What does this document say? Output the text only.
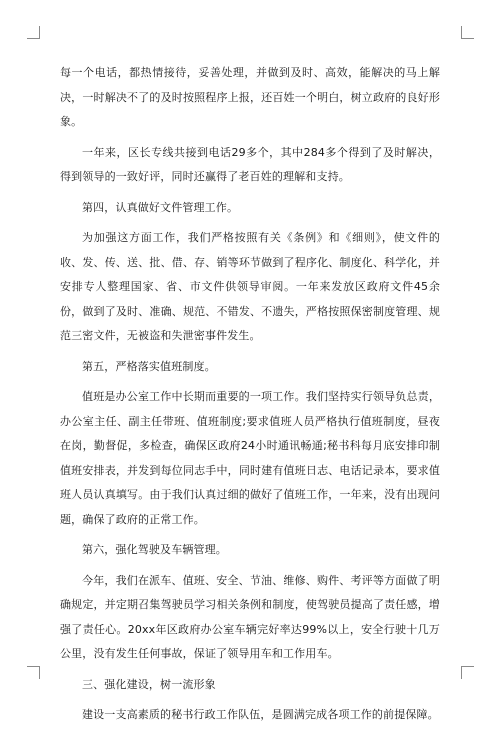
每一个电话，都热情接待，妥善处理，并做到及时、高效，能解决的马上解决，一时解决不了的及时按照程序上报，还百姓一个明白，树立政府的良好形象。

一年来，区长专线共接到电话29多个，其中284多个得到了及时解决，得到领导的一致好评，同时还赢得了老百姓的理解和支持。

第四，认真做好文件管理工作。

为加强这方面工作，我们严格按照有关《条例》和《细则》，使文件的收、发、传、送、批、借、存、销等环节做到了程序化、制度化、科学化，并安排专人整理国家、省、市文件供领导审阅。一年来发放区政府文件45余份，做到了及时、准确、规范、不错发、不遗失，严格按照保密制度管理、规范三密文件，无被盗和失泄密事件发生。

第五，严格落实值班制度。

值班是办公室工作中长期而重要的一项工作。我们坚持实行领导负总责，办公室主任、副主任带班、值班制度;要求值班人员严格执行值班制度，昼夜在岗，勤督促，多检查，确保区政府24小时通讯畅通;秘书科每月底安排印制值班安排表，并发到每位同志手中，同时建有值班日志、电话记录本，要求值班人员认真填写。由于我们认真过细的做好了值班工作，一年来，没有出现问题，确保了政府的正常工作。

第六，强化驾驶及车辆管理。

今年，我们在派车、值班、安全、节油、维修、购件、考评等方面做了明确规定，并定期召集驾驶员学习相关条例和制度，使驾驶员提高了责任感，增强了责任心。20xx年区政府办公室车辆完好率达99%以上，安全行驶十几万公里，没有发生任何事故，保证了领导用车和工作用车。

三、强化建设，树一流形象

建设一支高素质的秘书行政工作队伍，是圆满完成各项工作的前提保障。
